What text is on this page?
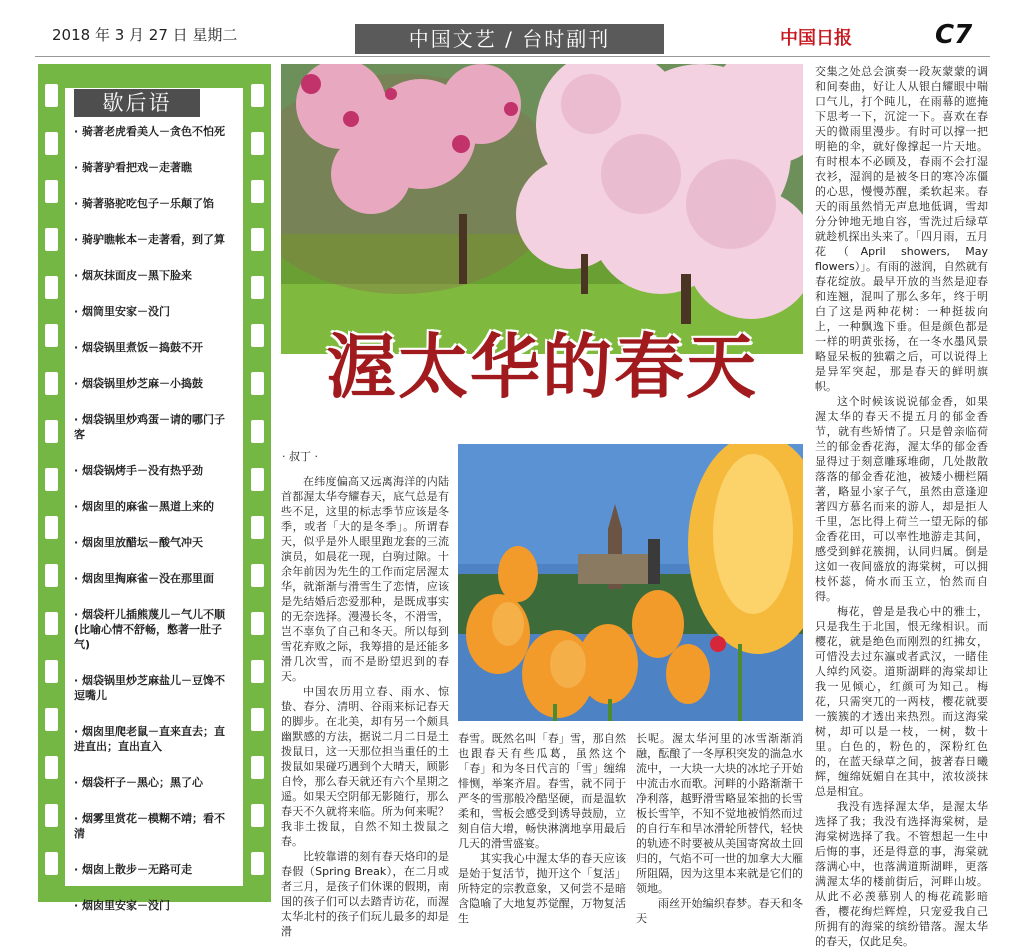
2018 年 3 月 27 日 星期二	中国文艺 / 台时副刊	中国日报	C7
歇后语
· 骑著老虎看美人－贪色不怕死
· 骑著驴看把戏－走著瞧
· 骑著骆驼吃包子－乐颠了馅
· 骑驴瞧帐本－走著看，到了算
· 烟灰抹面皮－黑下脸来
· 烟筒里安家－没门
· 烟袋锅里煮饭－捣鼓不开
· 烟袋锅里炒芝麻－小捣鼓
· 烟袋锅里炒鸡蛋－请的哪门子客
· 烟袋锅烤手－没有热乎劲
· 烟囱里的麻雀－黑道上来的
· 烟囱里放醋坛－酸气冲天
· 烟囱里掏麻雀－没在那里面
· 烟袋杆儿插熊蔑儿－气儿不顺(比喻心情不舒畅，憋著一肚子气)
· 烟袋锅里炒芝麻盐儿－豆馋不逗嘴儿
· 烟囱里爬老鼠－直来直去；直进直出；直出直入
· 烟袋杆子－黑心；黑了心
· 烟雾里赏花－模糊不靖；看不清
· 烟囱上散步－无路可走
· 烟囱里安家－没门
渥太华的春天
· 叔丁 ·

在纬度偏高又远离海洋的内陆首都渥太华夸耀春天，底气总是有些不足，这里的标志季节应该是冬季，或者「大的是冬季」。所谓春天，似乎是外人眼里跑龙套的三流演员，如晨花一现，白驹过隙。十余年前因为先生的工作而定居渥太华，就渐渐与滑雪生了恋情，应该是先结婚后恋爱那种，是既成事实的无奈选择。漫漫长冬，不滑雪，岂不辜负了自己和冬天。所以每到雪花弃败之际，我筹措的是还能多滑几次雪，而不是盼望迟到的春天。

中国农历用立春、雨水、惊蛰、春分、清明、谷雨来标记春天的脚步。在北美，却有另一个颇具幽默感的方法，据说二月二日是土拨鼠日，这一天那位担当重任的土拨鼠如果碰巧遇到个大晴天，顾影自怜，那么春天就还有六个星期之遥。如果天空阴郁无影随行，那么春天不久就将来临。所为何来呢？我非土拨鼠，自然不知土拨鼠之春。

比较靠谱的刻有春天烙印的是春假（Spring Break），在二月或者三月，是孩子们休课的假期，南国的孩子们可以去踏青访花，而渥太华北村的孩子们玩儿最多的却是滑

春雪。既然名叫「春」雪，那自然也跟春天有些瓜葛，虽然这个「春」和为冬日代言的「雪」缠绵悱恻，举案齐眉。春雪，就不同于严冬的雪那般冷酷坚硬，而是温软柔和，雪板会感受到诱导鼓励，立刻自信大增，畅快淋漓地享用最后几天的滑雪盛宴。

其实我心中渥太华的春天应该是始于复活节，抛开这个「复活」所特定的宗教意象，又何尝不是暗含隐喻了大地复苏觉醒，万物复活生

长呢。渥太华河里的冰雪渐渐消融，酝酿了一冬厚积突发的湍急水流中，一大块一大块的冰坨子开始中流击水而歌。河畔的小路渐渐干净利落，越野滑雪略显笨拙的长雪板长雪竿，不知不觉地被悄然而过的自行车和旱冰滑轮所替代，轻快的轨迹不时要被从美国寄窝故土回归的，气焰不可一世的加拿大大雁所阻隔，因为这里本来就是它们的领地。

雨丝开始编织春梦。春天和冬天

交集之处总会演奏一段灰蒙蒙的调和间奏曲，好让人从银白耀眼中喘口气儿，打个盹儿，在雨幕的遮掩下思考一下，沉淀一下。喜欢在春天的微雨里漫步。有时可以撑一把明艳的伞，就好像撑起一片天地。有时根本不必顾及，春雨不会打湿衣衫，湿润的是被冬日的寒冷冻僵的心思，慢慢苏醒，柔软起来。春天的雨虽然悄无声息地低调，雪却分分钟地无地自容，雪洗过后绿草就趁机探出头来了。「四月雨，五月花（April showers, May flowers）」。有雨的滋润，自然就有春花绽放。最早开放的当然是迎春和连翘，混叫了那么多年，终于明白了这是两种花树：一种挺拔向上，一种飘逸下垂。但是颜色都是一样的明黄张扬，在一冬水墨风景略显呆板的独霸之后，可以说得上是异军突起，那是春天的鲜明旗帜。

这个时候该说说郁金香，如果渥太华的春天不提五月的郁金香节，就有些矫情了。只是曾亲临荷兰的郁金香花海，渥太华的郁金香显得过于刻意雕琢堆砌，几处散散落落的郁金香花池，被矮小栅栏隔著，略显小家子气，虽然由意逢迎著四方慕名而来的游人，却是拒人千里，怎比得上荷兰一望无际的郁金香花田，可以率性地游走其间，感受到鲜花簇拥，认同归属。倒是这如一夜间盛放的海棠树，可以拥枝怀蕊，倚水而玉立，怡然而自得。

梅花，曾是是我心中的雅士，只是我生于北国，恨无缘相识。而樱花，就是绝色而刚烈的红拂女，可惜没去过东瀛或者武汉，一睹佳人绰约风姿。道斯湖畔的海棠却让我一见倾心，红颜可为知己。梅花，只需突兀的一两枝，樱花就要一簇簇的才透出来热烈。而这海棠树，却可以是一枝，一树，数十里。白色的，粉色的，深粉红色的，在蓝天绿草之间，披著春日曦辉，缠绵妩媚自在其中，浓妆淡抹总是相宜。

我没有选择渥太华，是渥太华选择了我；我没有选择海棠树，是海棠树选择了我。不管想起一生中后悔的事，还是得意的事，海棠就落满心中，也落满道斯湖畔，更落满渥太华的楼前街后，河畔山坡。从此不必羡慕别人的梅花疏影暗香，樱花绚烂辉煌，只宠爱我自己所拥有的海棠的缤纷错落。渥太华的春天，仅此足矣。
